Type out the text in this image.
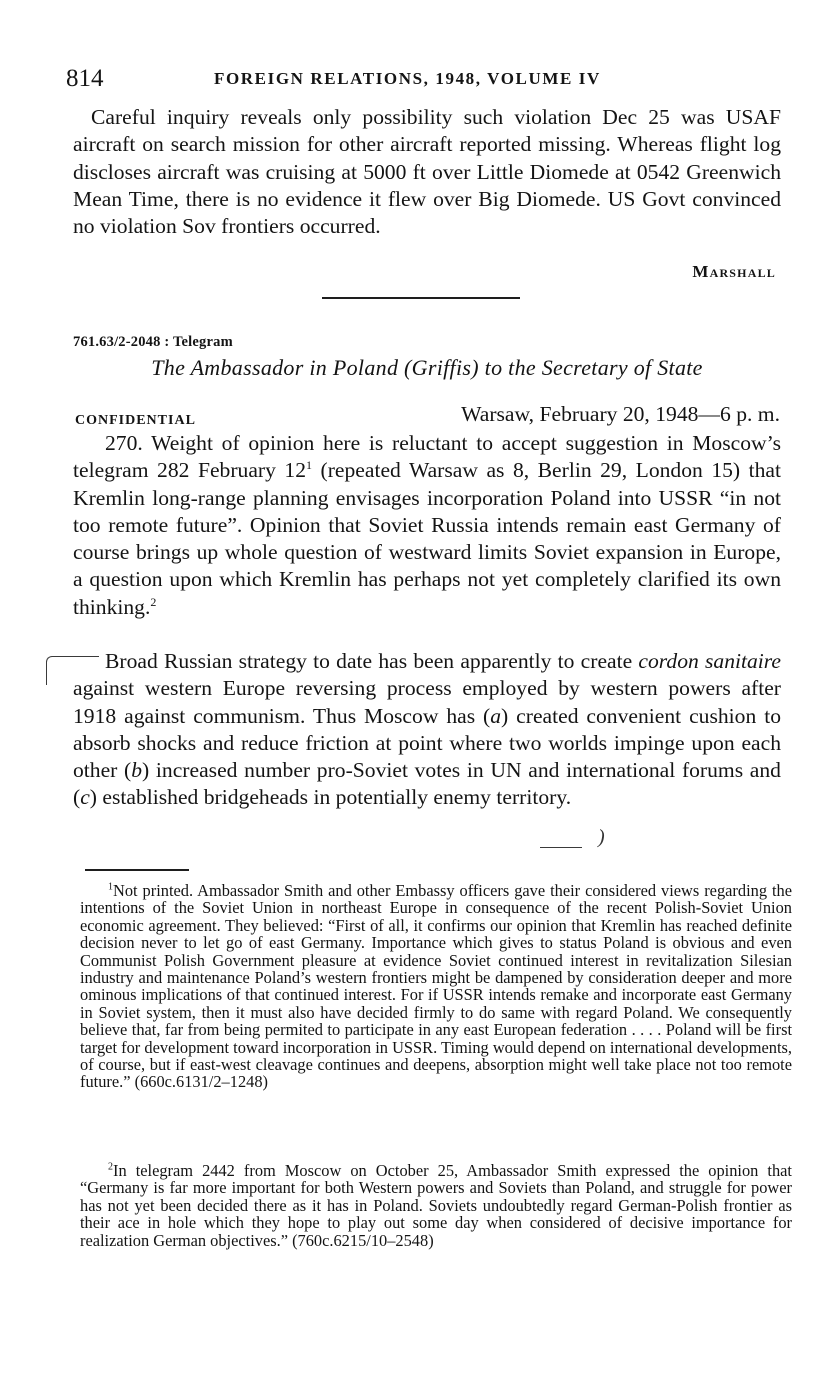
814	FOREIGN RELATIONS, 1948, VOLUME IV

Careful inquiry reveals only possibility such violation Dec 25 was USAF aircraft on search mission for other aircraft reported missing. Whereas flight log discloses aircraft was cruising at 5000 ft over Little Diomede at 0542 Greenwich Mean Time, there is no evidence it flew over Big Diomede. US Govt convinced no violation Sov frontiers occurred.

Marshall
761.63/2-2048 : Telegram
The Ambassador in Poland (Griffis) to the Secretary of State
CONFIDENTIAL	Warsaw, February 20, 1948—6 p. m.

270. Weight of opinion here is reluctant to accept suggestion in Moscow’s telegram 282 February $12^1$ (repeated Warsaw as 8, Berlin 29, London 15) that Kremlin long-range planning envisages incorporation Poland into USSR “in not too remote future”. Opinion that Soviet Russia intends remain east Germany of course brings up whole question of westward limits Soviet expansion in Europe, a question upon which Kremlin has perhaps not yet completely clarified its own thinking.$^2$

Broad Russian strategy to date has been apparently to create cordon sanitaire against western Europe reversing process employed by western powers after 1918 against communism. Thus Moscow has (a) created convenient cushion to absorb shocks and reduce friction at point where two worlds impinge upon each other (b) increased number pro-Soviet votes in UN and international forums and (c) established bridgeheads in potentially enemy territory.

)

$^1$Not printed. Ambassador Smith and other Embassy officers gave their considered views regarding the intentions of the Soviet Union in northeast Europe in consequence of the recent Polish-Soviet Union economic agreement. They believed: “First of all, it confirms our opinion that Kremlin has reached definite decision never to let go of east Germany. Importance which gives to status Poland is obvious and even Communist Polish Government pleasure at evidence Soviet continued interest in revitalization Silesian industry and maintenance Poland’s western frontiers might be dampened by consideration deeper and more ominous implications of that continued interest. For if USSR intends remake and incorporate east Germany in Soviet system, then it must also have decided firmly to do same with regard Poland. We consequently believe that, far from being permited to participate in any east European federation . . . . Poland will be first target for development toward incorporation in USSR. Timing would depend on international developments, of course, but if east-west cleavage continues and deepens, absorption might well take place not too remote future.” (660c.6131/2–1248)

$^2$In telegram 2442 from Moscow on October 25, Ambassador Smith expressed the opinion that “Germany is far more important for both Western powers and Soviets than Poland, and struggle for power has not yet been decided there as it has in Poland. Soviets undoubtedly regard German-Polish frontier as their ace in hole which they hope to play out some day when considered of decisive importance for realization German objectives.” (760c.6215/10–2548)
